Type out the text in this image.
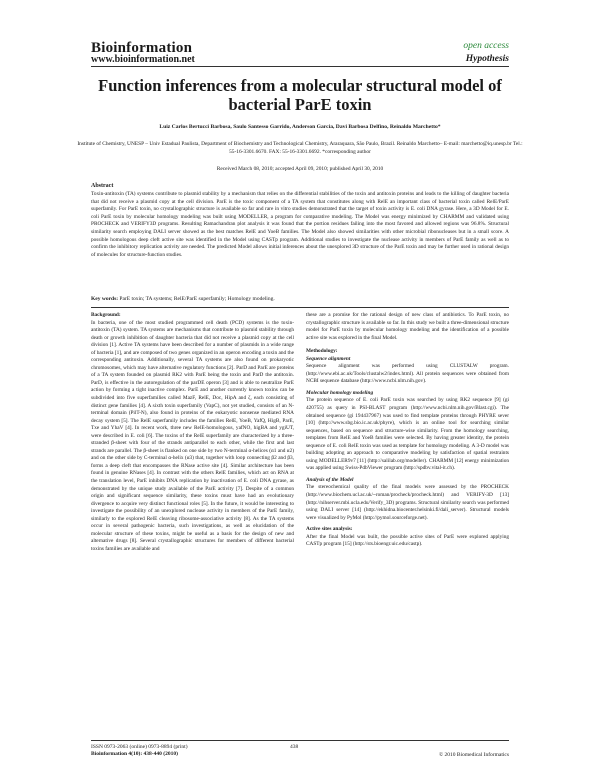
Bioinformation	open access
www.bioinformation.net	Hypothesis
Function inferences from a molecular structural model of bacterial ParE toxin
Luiz Carlos Bertucci Barbosa, Saulo Santesso Garrido, Anderson Garcia, Davi Barbosa Delfino, Reinaldo Marchetto*
Institute of Chemistry, UNESP – Univ Estadual Paulista, Department of Biochemistry and Technological Chemistry, Araraquara, São Paulo, Brazil. Reinaldo Marchetto– E-mail: marchetto@iq.unesp.br Tel.: 55-16-3301.6670. FAX: 55-16-3301.6692. *corresponding author
Received March 08, 2010; accepted April 09, 2010; published April 30, 2010
Abstract
Toxin-antitoxin (TA) systems contribute to plasmid stability by a mechanism that relies on the differential stabilities of the toxin and antitoxin proteins and leads to the killing of daughter bacteria that did not receive a plasmid copy at the cell division. ParE is the toxic component of a TA system that constitutes along with RelE an important class of bacterial toxin called RelE/ParE superfamily. For ParE toxin, no crystallographic structure is available so far and rare in vitro studies demonstrated that the target of toxin activity is E. coli DNA gyrase. Here, a 3D Model for E. coli ParE toxin by molecular homology modeling was built using MODELLER, a program for comparative modeling. The Model was energy minimized by CHARMM and validated using PROCHECK and VERIFY3D programs. Resulting Ramachandran plot analysis it was found that the portion residues failing into the most favored and allowed regions was 96.8%. Structural similarity search employing DALI server showed as the best matches RelE and YoeB families. The Model also showed similarities with other microbial ribonucleases but in a small score. A possible homologous deep cleft active site was identified in the Model using CASTp program. Additional studies to investigate the nuclease activity in members of ParE family as well as to confirm the inhibitory replication activity are needed. The predicted Model allows initial inferences about the unexplored 3D structure of the ParE toxin and may be further used in rational design of molecules for structure-function studies.
Key words: ParE toxin; TA systems; RelE/ParE superfamily; Homology modeling.
Background:

In bacteria, one of the most studied programmed cell death (PCD) systems is the toxin-antitoxin (TA) system. TA systems are mechanisms that contribute to plasmid stability through death or growth inhibition of daughter bacteria that did not receive a plasmid copy at the cell division [1]. Active TA systems have been described for a number of plasmids in a wide range of bacteria [1], and are composed of two genes organized in an operon encoding a toxin and the corresponding antitoxin. Additionally, several TA systems are also found on prokaryotic chromosomes, which may have alternative regulatory functions [2]. ParD and ParE are proteins of a TA system founded on plasmid RK2 with ParE being the toxin and ParD the antitoxin. ParD, is effective in the autoregulation of the parDE operon [3] and is able to neutralize ParE action by forming a tight inactive complex. ParE and another currently known toxins can be subdivided into five superfamilies called MazF, RelE, Doc, HipA and ζ, each consisting of distinct gene families [4]. A sixth toxin superfamily (VapC), not yet studied, consists of an N-terminal domain (PilT-N), also found in proteins of the eukaryotic nonsense mediated RNA decay system [5]. The RelE superfamily includes the families RelE, YoeB, YafQ, HigB, ParE, Txe and YhaV [4]. In recent work, three new RelE-homologous, yafNO, higBA and ygiUT, were described in E. coli [6]. The toxins of the RelE superfamily are characterized by a three-stranded β-sheet with four of the strands antiparallel to each other, while the first and last strands are parallel. The β-sheet is flanked on one side by two N-terminal α-helices (α1 and α2) and on the other side by C-terminal α-helix (α3) that, together with loop connecting β2 and β3, forms a deep cleft that encompasses the RNase active site [4]. Similar architecture has been found in genuine RNases [4]. In contrast with the others RelE families, which act on RNA at the translation level, ParE inhibits DNA replication by inactivation of E. coli DNA gyrase, as demonstrated by the unique study available of the ParE activity [7]. Despite of a common origin and significant sequence similarity, these toxins must have had an evolutionary divergence to acquire very distinct functional roles [5]. In the future, it would be interesting to investigate the possibility of an unexplored nuclease activity in members of the ParE family, similarly to the explored RelE cleaving ribosome-associative activity [8]. As the TA systems occur in several pathogenic bacteria, such investigations, as well as elucidation of the molecular structure of these toxins, might be useful as a basis for the design of new and alternative drugs [8]. Several crystallographic structures for members of different bacterial toxins families are available and

these are a promise for the rational design of new class of antibiotics. To ParE toxin, no crystallographic structure is available so far. In this study we built a three-dimensional structure model for ParE toxin by molecular homology modeling and the identification of a possible active site was explored in the final Model.

Methodology:
Sequence alignment

Sequence alignment was performed using CLUSTALW program. (http://www.ebi.ac.uk/Tools/clustalw2/index.html). All protein sequences were obtained from NCBI sequence database (http://www.ncbi.nlm.nih.gov).

Molecular homology modeling

The protein sequence of E. coli ParE toxin was searched by using RK2 sequence [9] (gi 420755) as query in PSI-BLAST program (http://www.ncbi.nlm.nih.gov/Blast.cgi). The obtained sequence (gi 194437967) was used to find template proteins through PHYRE sever [10] (http://www.sbg.bio.ic.ac.uk/phyre), which is an online tool for searching similar sequences, based on sequence and structure-wise similarity. From the homology searching, templates from RelE and YoeB families were selected. By having greater identity, the protein sequence of E. coli RelE toxin was used as template for homology modeling. A 3-D model was building adopting an approach to comparative modeling by satisfaction of spatial restraints using MODELLER9v7 [11] (http://salilab.org/modeller). CHARMM [12] energy minimization was applied using Swiss-PdbViewer program (http://spdbv.vital-it.ch).

Analysis of the Model

The stereochemical quality of the final models were assessed by the PROCHECK (http://www.biochem.ucl.ac.uk/~roman/procheck/procheck.html) and VERIFY-3D [13] (http://nihserver.mbi.ucla.edu/Verify_3D) programs. Structural similarity search was performed using DALI server [14] (http://ekhidna.biocenter.helsinki.fi/dali_server). Structural models were visualized by PyMol (http://pymol.sourceforge.net).

Active sites analysis:

After the final Model was built, the possible active sites of ParE were explored applying CASTp program [15] (http://sts.bioengr.uic.edu/castp).

ISSN 0973-2063 (online) 0973-8894 (print)
Bioinformation 4(10): 438-440 (2010)
438
© 2010 Biomedical Informatics
